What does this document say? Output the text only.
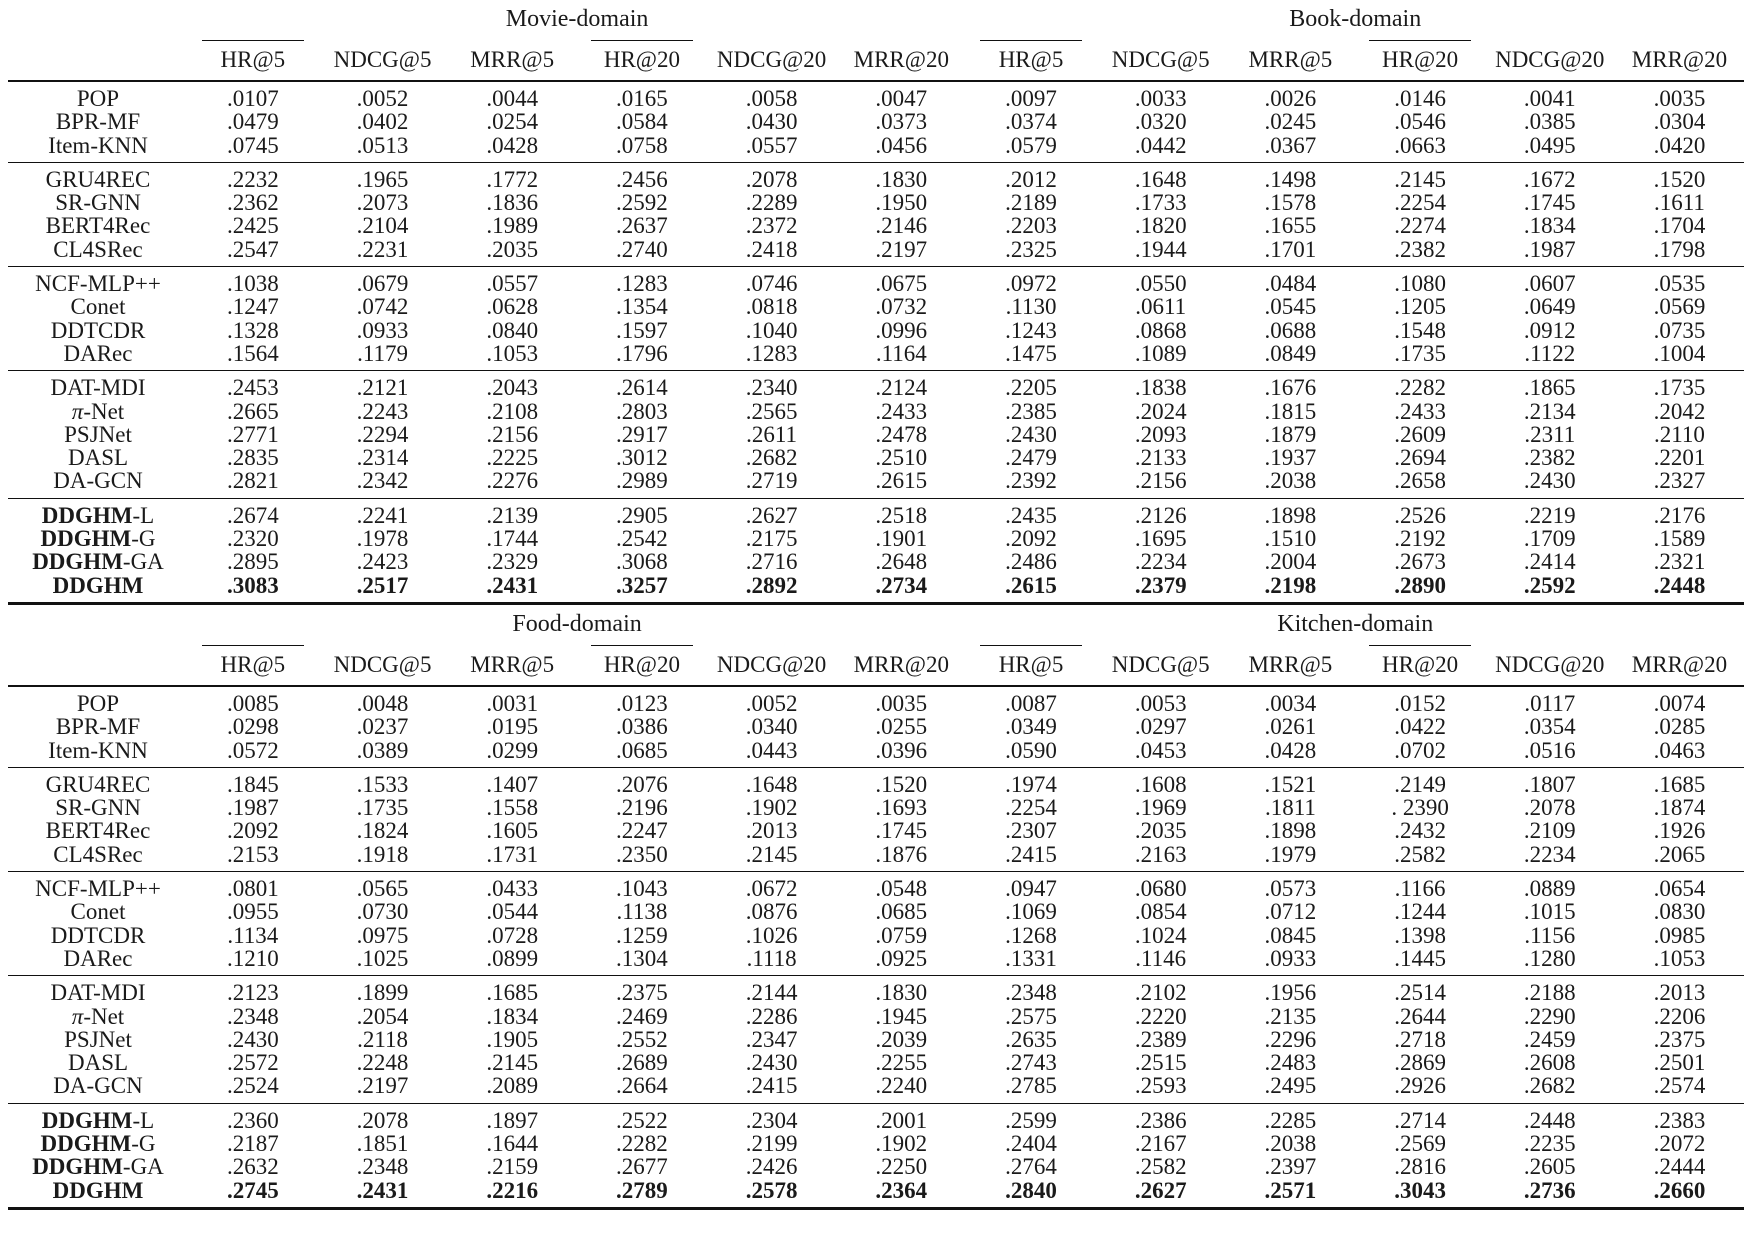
	Movie-domain						Book-domain					
	HR@5	NDCG@5	MRR@5	HR@20	NDCG@20	MRR@20	HR@5	NDCG@5	MRR@5	HR@20	NDCG@20	MRR@20
POP	.0107	.0052	.0044	.0165	.0058	.0047	.0097	.0033	.0026	.0146	.0041	.0035
BPR-MF	.0479	.0402	.0254	.0584	.0430	.0373	.0374	.0320	.0245	.0546	.0385	.0304
Item-KNN	.0745	.0513	.0428	.0758	.0557	.0456	.0579	.0442	.0367	.0663	.0495	.0420
GRU4REC	.2232	.1965	.1772	.2456	.2078	.1830	.2012	.1648	.1498	.2145	.1672	.1520
SR-GNN	.2362	.2073	.1836	.2592	.2289	.1950	.2189	.1733	.1578	.2254	.1745	.1611
BERT4Rec	.2425	.2104	.1989	.2637	.2372	.2146	.2203	.1820	.1655	.2274	.1834	.1704
CL4SRec	.2547	.2231	.2035	.2740	.2418	.2197	.2325	.1944	.1701	.2382	.1987	.1798
NCF-MLP++	.1038	.0679	.0557	.1283	.0746	.0675	.0972	.0550	.0484	.1080	.0607	.0535
Conet	.1247	.0742	.0628	.1354	.0818	.0732	.1130	.0611	.0545	.1205	.0649	.0569
DDTCDR	.1328	.0933	.0840	.1597	.1040	.0996	.1243	.0868	.0688	.1548	.0912	.0735
DARec	.1564	.1179	.1053	.1796	.1283	.1164	.1475	.1089	.0849	.1735	.1122	.1004
DAT-MDI	.2453	.2121	.2043	.2614	.2340	.2124	.2205	.1838	.1676	.2282	.1865	.1735
π-Net	.2665	.2243	.2108	.2803	.2565	.2433	.2385	.2024	.1815	.2433	.2134	.2042
PSJNet	.2771	.2294	.2156	.2917	.2611	.2478	.2430	.2093	.1879	.2609	.2311	.2110
DASL	.2835	.2314	.2225	.3012	.2682	.2510	.2479	.2133	.1937	.2694	.2382	.2201
DA-GCN	.2821	.2342	.2276	.2989	.2719	.2615	.2392	.2156	.2038	.2658	.2430	.2327
DDGHM-L	.2674	.2241	.2139	.2905	.2627	.2518	.2435	.2126	.1898	.2526	.2219	.2176
DDGHM-G	.2320	.1978	.1744	.2542	.2175	.1901	.2092	.1695	.1510	.2192	.1709	.1589
DDGHM-GA	.2895	.2423	.2329	.3068	.2716	.2648	.2486	.2234	.2004	.2673	.2414	.2321
DDGHM	.3083	.2517	.2431	.3257	.2892	.2734	.2615	.2379	.2198	.2890	.2592	.2448
	Food-domain						Kitchen-domain					
	HR@5	NDCG@5	MRR@5	HR@20	NDCG@20	MRR@20	HR@5	NDCG@5	MRR@5	HR@20	NDCG@20	MRR@20
POP	.0085	.0048	.0031	.0123	.0052	.0035	.0087	.0053	.0034	.0152	.0117	.0074
BPR-MF	.0298	.0237	.0195	.0386	.0340	.0255	.0349	.0297	.0261	.0422	.0354	.0285
Item-KNN	.0572	.0389	.0299	.0685	.0443	.0396	.0590	.0453	.0428	.0702	.0516	.0463
GRU4REC	.1845	.1533	.1407	.2076	.1648	.1520	.1974	.1608	.1521	.2149	.1807	.1685
SR-GNN	.1987	.1735	.1558	.2196	.1902	.1693	.2254	.1969	.1811	. 2390	.2078	.1874
BERT4Rec	.2092	.1824	.1605	.2247	.2013	.1745	.2307	.2035	.1898	.2432	.2109	.1926
CL4SRec	.2153	.1918	.1731	.2350	.2145	.1876	.2415	.2163	.1979	.2582	.2234	.2065
NCF-MLP++	.0801	.0565	.0433	.1043	.0672	.0548	.0947	.0680	.0573	.1166	.0889	.0654
Conet	.0955	.0730	.0544	.1138	.0876	.0685	.1069	.0854	.0712	.1244	.1015	.0830
DDTCDR	.1134	.0975	.0728	.1259	.1026	.0759	.1268	.1024	.0845	.1398	.1156	.0985
DARec	.1210	.1025	.0899	.1304	.1118	.0925	.1331	.1146	.0933	.1445	.1280	.1053
DAT-MDI	.2123	.1899	.1685	.2375	.2144	.1830	.2348	.2102	.1956	.2514	.2188	.2013
π-Net	.2348	.2054	.1834	.2469	.2286	.1945	.2575	.2220	.2135	.2644	.2290	.2206
PSJNet	.2430	.2118	.1905	.2552	.2347	.2039	.2635	.2389	.2296	.2718	.2459	.2375
DASL	.2572	.2248	.2145	.2689	.2430	.2255	.2743	.2515	.2483	.2869	.2608	.2501
DA-GCN	.2524	.2197	.2089	.2664	.2415	.2240	.2785	.2593	.2495	.2926	.2682	.2574
DDGHM-L	.2360	.2078	.1897	.2522	.2304	.2001	.2599	.2386	.2285	.2714	.2448	.2383
DDGHM-G	.2187	.1851	.1644	.2282	.2199	.1902	.2404	.2167	.2038	.2569	.2235	.2072
DDGHM-GA	.2632	.2348	.2159	.2677	.2426	.2250	.2764	.2582	.2397	.2816	.2605	.2444
DDGHM	.2745	.2431	.2216	.2789	.2578	.2364	.2840	.2627	.2571	.3043	.2736	.2660
